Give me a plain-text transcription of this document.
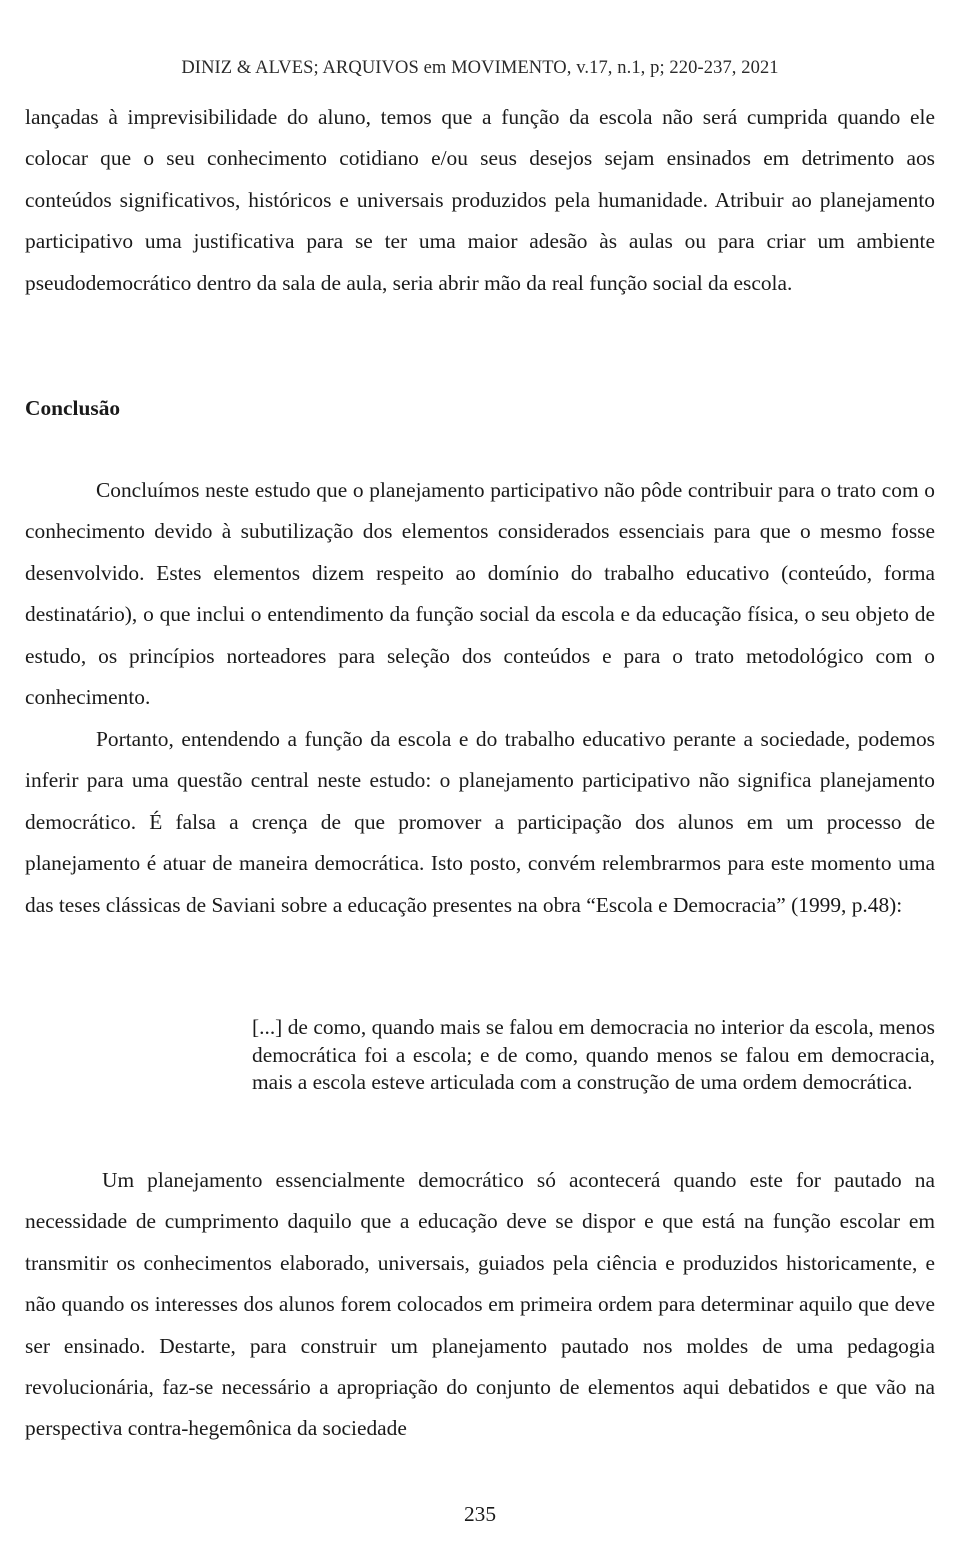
DINIZ & ALVES; ARQUIVOS em MOVIMENTO, v.17, n.1, p; 220-237, 2021

lançadas à imprevisibilidade do aluno, temos que a função da escola não será cumprida quando ele colocar que o seu conhecimento cotidiano e/ou seus desejos sejam ensinados em detrimento aos conteúdos significativos, históricos e universais produzidos pela humanidade. Atribuir ao planejamento participativo uma justificativa para se ter uma maior adesão às aulas ou para criar um ambiente pseudodemocrático dentro da sala de aula, seria abrir mão da real função social da escola.

Conclusão

Concluímos neste estudo que o planejamento participativo não pôde contribuir para o trato com o conhecimento devido à subutilização dos elementos considerados essenciais para que o mesmo fosse desenvolvido. Estes elementos dizem respeito ao domínio do trabalho educativo (conteúdo, forma destinatário), o que inclui o entendimento da função social da escola e da educação física, o seu objeto de estudo, os princípios norteadores para seleção dos conteúdos e para o trato metodológico com o conhecimento.

Portanto, entendendo a função da escola e do trabalho educativo perante a sociedade, podemos inferir para uma questão central neste estudo: o planejamento participativo não significa planejamento democrático. É falsa a crença de que promover a participação dos alunos em um processo de planejamento é atuar de maneira democrática. Isto posto, convém relembrarmos para este momento uma das teses clássicas de Saviani sobre a educação presentes na obra “Escola e Democracia” (1999, p.48):

[...] de como, quando mais se falou em democracia no interior da escola, menos democrática foi a escola; e de como, quando menos se falou em democracia, mais a escola esteve articulada com a construção de uma ordem democrática.

Um planejamento essencialmente democrático só acontecerá quando este for pautado na necessidade de cumprimento daquilo que a educação deve se dispor e que está na função escolar em transmitir os conhecimentos elaborado, universais, guiados pela ciência e produzidos historicamente, e não quando os interesses dos alunos forem colocados em primeira ordem para determinar aquilo que deve ser ensinado. Destarte, para construir um planejamento pautado nos moldes de uma pedagogia revolucionária, faz-se necessário a apropriação do conjunto de elementos aqui debatidos e que vão na perspectiva contra-hegemônica da sociedade

235
